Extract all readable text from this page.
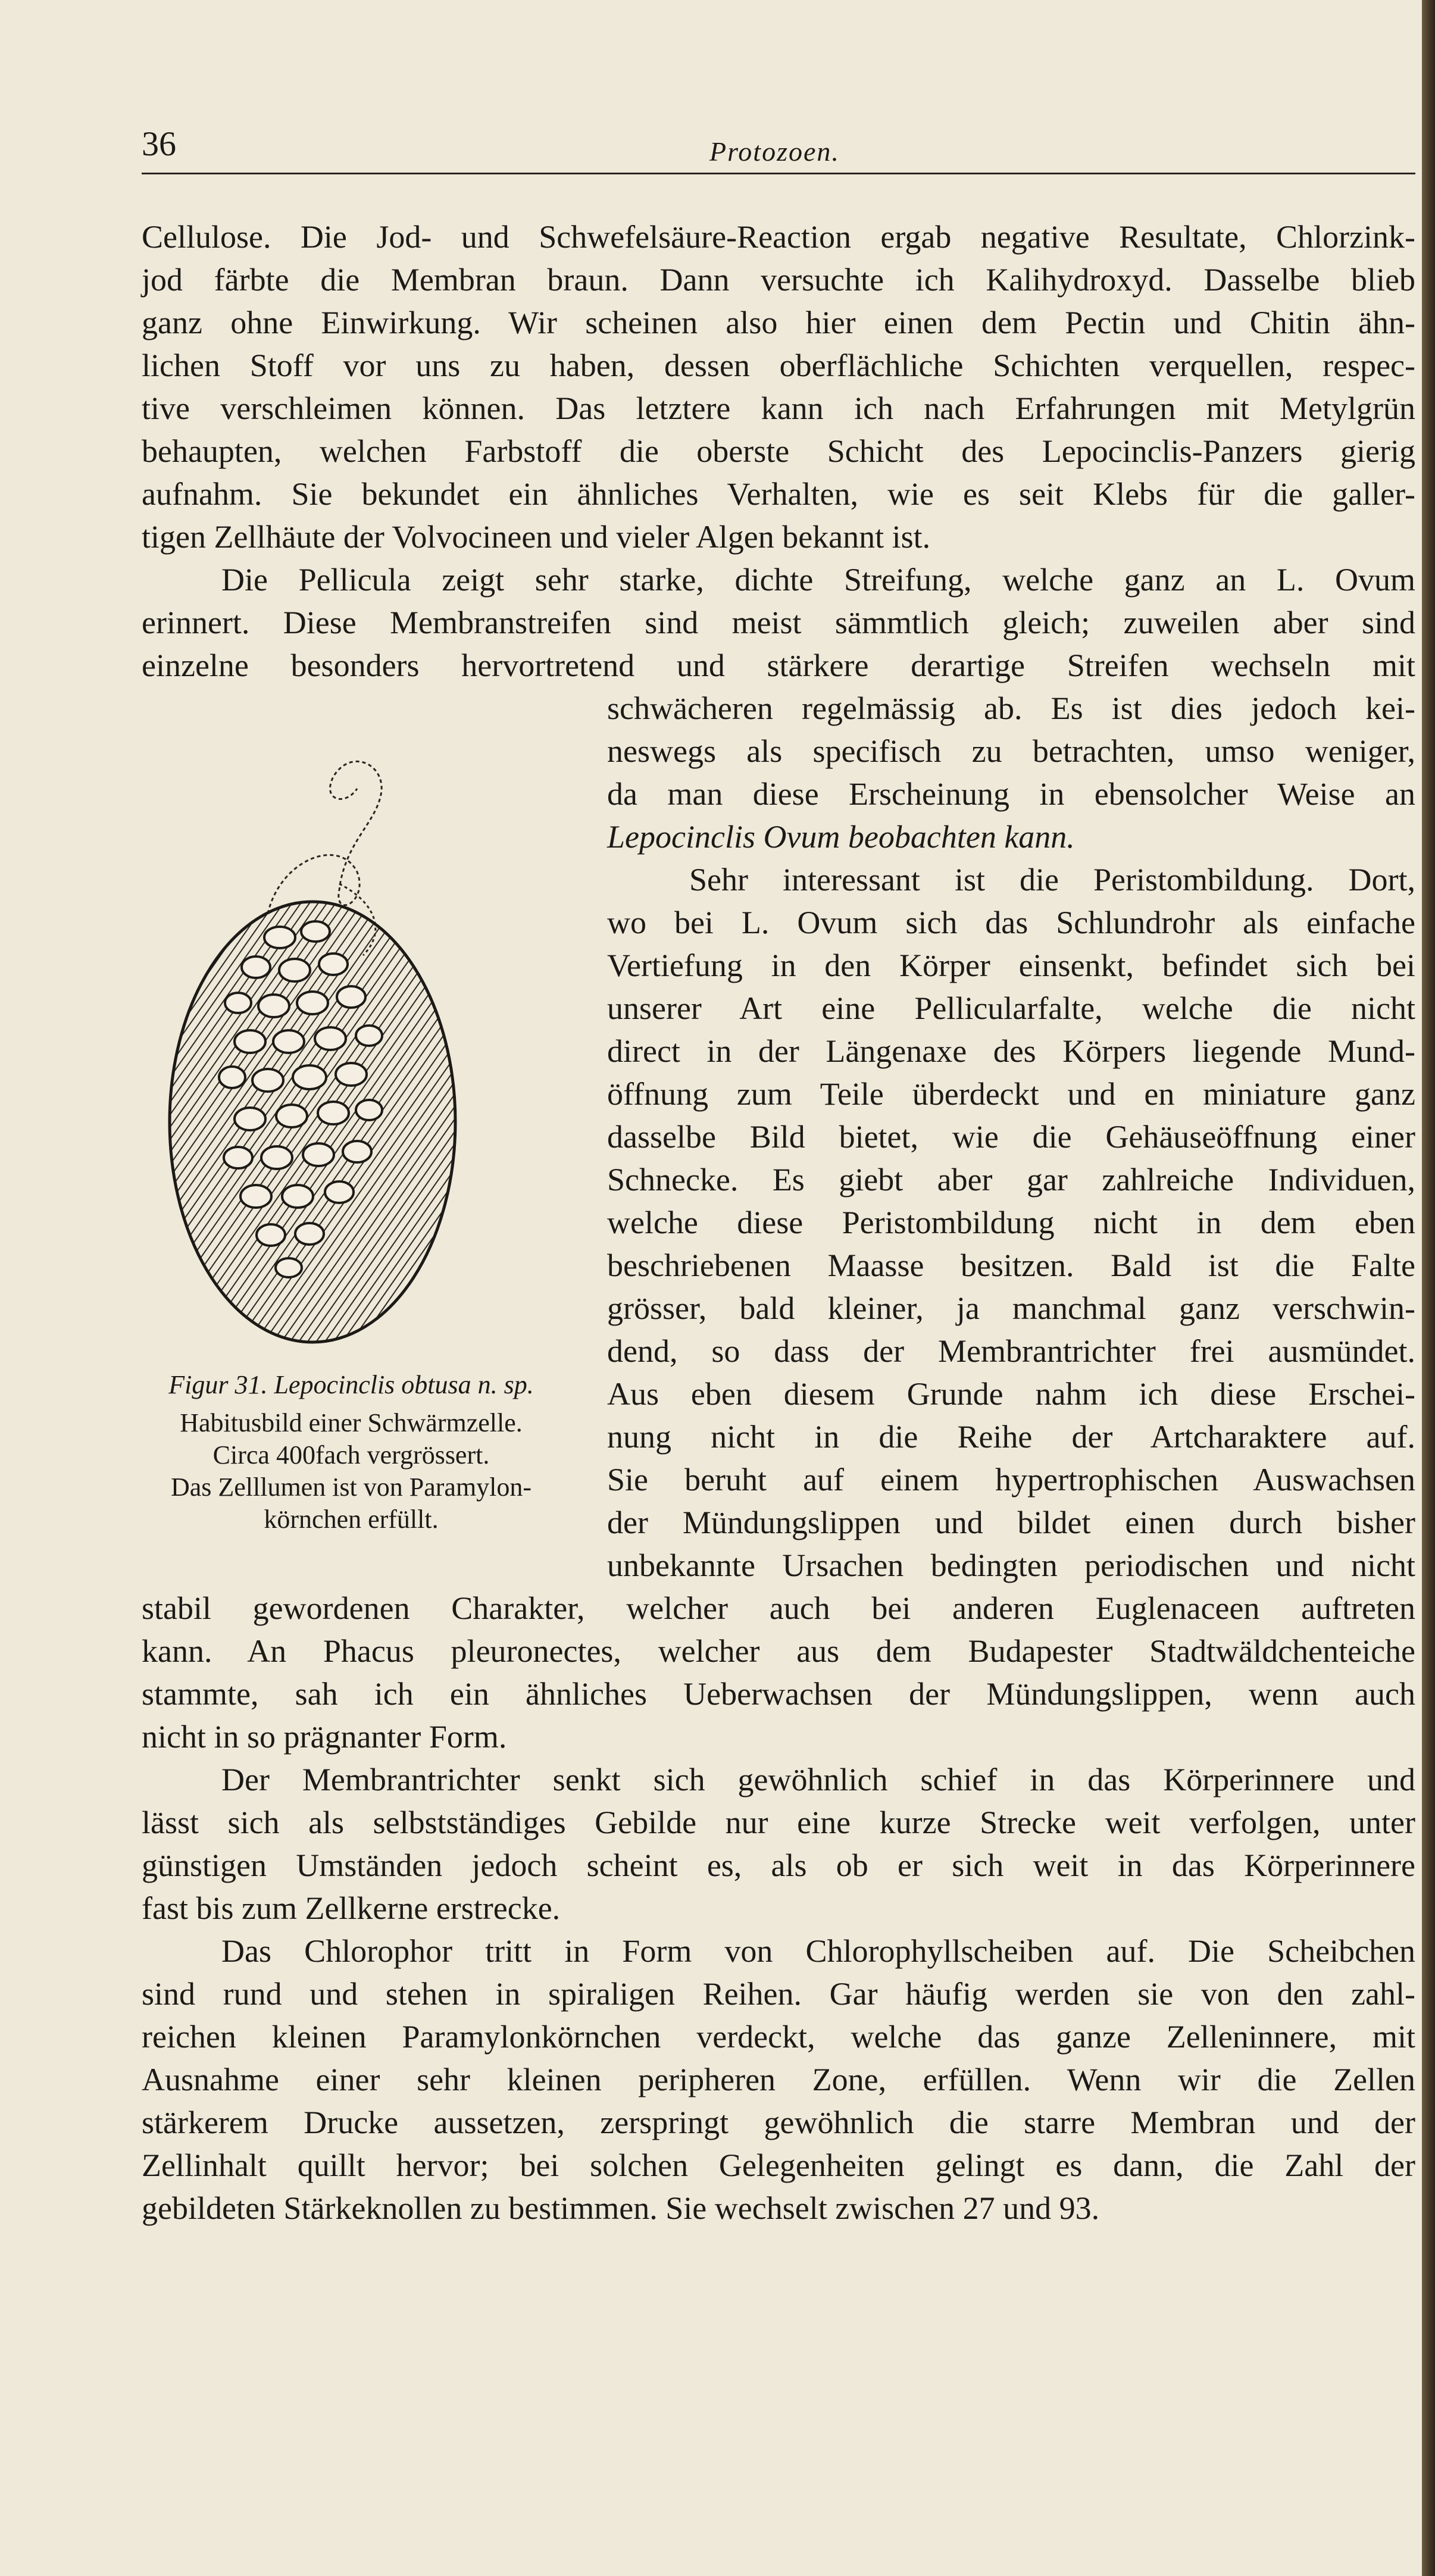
36	Protozoen.
Cellulose. Die Jod- und Schwefelsäure-Reaction ergab negative Resultate, Chlorzink-
jod färbte die Membran braun. Dann versuchte ich Kalihydroxyd. Dasselbe blieb
ganz ohne Einwirkung. Wir scheinen also hier einen dem Pectin und Chitin ähn-
lichen Stoff vor uns zu haben, dessen oberflächliche Schichten verquellen, respec-
tive verschleimen können. Das letztere kann ich nach Erfahrungen mit Metylgrün
behaupten, welchen Farbstoff die oberste Schicht des Lepocinclis-Panzers gierig
aufnahm. Sie bekundet ein ähnliches Verhalten, wie es seit Klebs für die galler-
tigen Zellhäute der Volvocineen und vieler Algen bekannt ist.
Die Pellicula zeigt sehr starke, dichte Streifung, welche ganz an L. Ovum
erinnert. Diese Membranstreifen sind meist sämmtlich gleich; zuweilen aber sind
einzelne besonders hervortretend und stärkere derartige Streifen wechseln mit
schwächeren regelmässig ab. Es ist dies jedoch kei-
neswegs als specifisch zu betrachten, umso weniger,
da man diese Erscheinung in ebensolcher Weise an
Lepocinclis Ovum beobachten kann.
Sehr interessant ist die Peristombildung. Dort,
wo bei L. Ovum sich das Schlundrohr als einfache
Vertiefung in den Körper einsenkt, befindet sich bei
unserer Art eine Pellicularfalte, welche die nicht
direct in der Längenaxe des Körpers liegende Mund-
öffnung zum Teile überdeckt und en miniature ganz
dasselbe Bild bietet, wie die Gehäuseöffnung einer
Schnecke. Es giebt aber gar zahlreiche Individuen,
welche diese Peristombildung nicht in dem eben
beschriebenen Maasse besitzen. Bald ist die Falte
grösser, bald kleiner, ja manchmal ganz verschwin-
dend, so dass der Membrantrichter frei ausmündet.
Aus eben diesem Grunde nahm ich diese Erschei-
nung nicht in die Reihe der Artcharaktere auf.
Sie beruht auf einem hypertrophischen Auswachsen
der Mündungslippen und bildet einen durch bisher
unbekannte Ursachen bedingten periodischen und nicht
stabil gewordenen Charakter, welcher auch bei anderen Euglenaceen auftreten
kann. An Phacus pleuronectes, welcher aus dem Budapester Stadtwäldchenteiche
stammte, sah ich ein ähnliches Ueberwachsen der Mündungslippen, wenn auch
nicht in so prägnanter Form.
Der Membrantrichter senkt sich gewöhnlich schief in das Körperinnere und
lässt sich als selbstständiges Gebilde nur eine kurze Strecke weit verfolgen, unter
günstigen Umständen jedoch scheint es, als ob er sich weit in das Körperinnere
fast bis zum Zellkerne erstrecke.
Das Chlorophor tritt in Form von Chlorophyllscheiben auf. Die Scheibchen
sind rund und stehen in spiraligen Reihen. Gar häufig werden sie von den zahl-
reichen kleinen Paramylonkörnchen verdeckt, welche das ganze Zelleninnere, mit
Ausnahme einer sehr kleinen peripheren Zone, erfüllen. Wenn wir die Zellen
stärkerem Drucke aussetzen, zerspringt gewöhnlich die starre Membran und der
Zellinhalt quillt hervor; bei solchen Gelegenheiten gelingt es dann, die Zahl der
gebildeten Stärkeknollen zu bestimmen. Sie wechselt zwischen 27 und 93.
Figur 31. Lepocinclis obtusa n. sp.
Habitusbild einer Schwärmzelle.
Circa 400fach vergrössert.
Das Zelllumen ist von Paramylon-
körnchen erfüllt.
